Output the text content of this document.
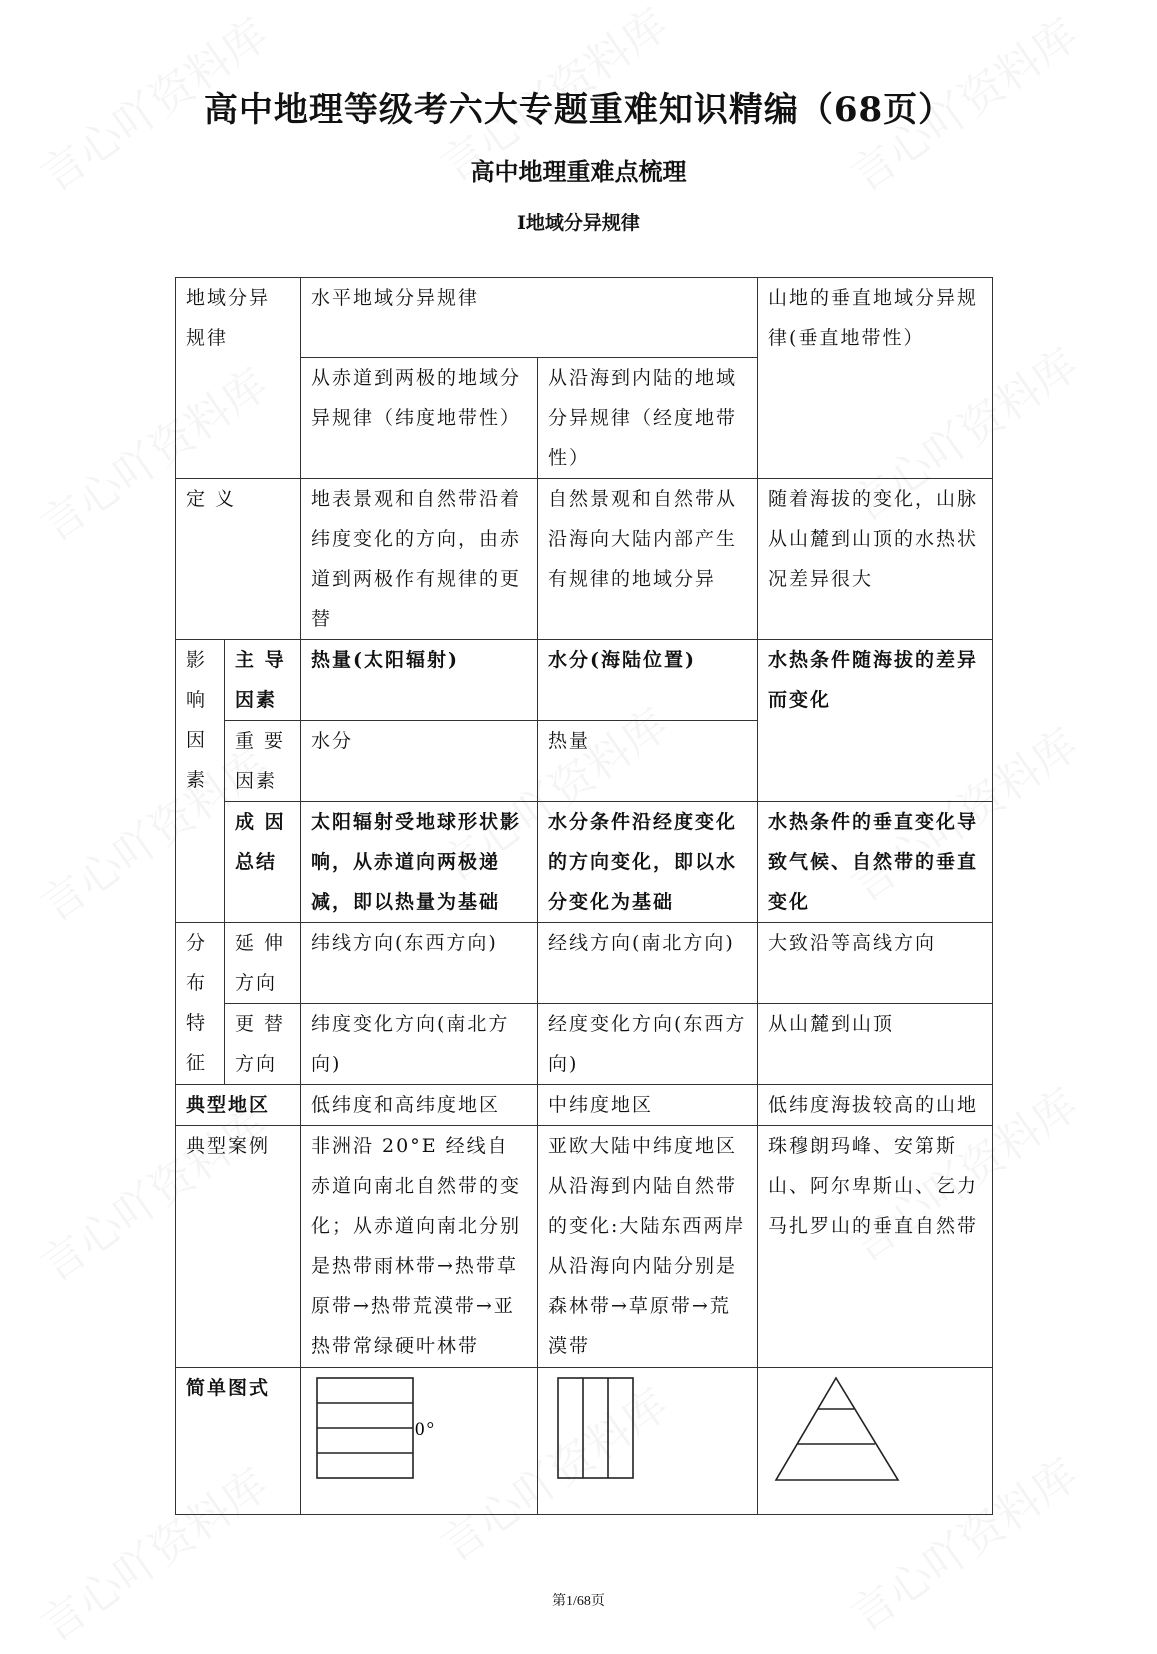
高中地理等级考六大专题重难知识精编（68页）
高中地理重难点梳理
Ⅰ地域分异规律
地域分异规律		水平地域分异规律		山地的垂直地域分异规律(垂直地带性）
		从赤道到两极的地域分异规律（纬度地带性）	从沿海到内陆的地域分异规律（经度地带性）	
定 义		地表景观和自然带沿着纬度变化的方向，由赤道到两极作有规律的更替	自然景观和自然带从沿海向大陆内部产生有规律的地域分异	随着海拔的变化，山脉从山麓到山顶的水热状况差异很大
影响因素	主 导因素	热量(太阳辐射)	水分(海陆位置)	水热条件随海拔的差异而变化
	重 要因素	水分	热量	
	成 因总结	太阳辐射受地球形状影响，从赤道向两极递减，即以热量为基础	水分条件沿经度变化的方向变化，即以水分变化为基础	水热条件的垂直变化导致气候、自然带的垂直变化
分布特征	延 伸方向	纬线方向(东西方向)	经线方向(南北方向)	大致沿等高线方向
	更 替方向	纬度变化方向(南北方向)	经度变化方向(东西方向)	从山麓到山顶
典型地区		低纬度和高纬度地区	中纬度地区	低纬度海拔较高的山地
典型案例		非洲沿 20°E 经线自赤道向南北自然带的变化；从赤道向南北分别是热带雨林带→热带草原带→热带荒漠带→亚热带常绿硬叶林带	亚欧大陆中纬度地区从沿海到内陆自然带的变化:大陆东西两岸从沿海向内陆分别是森林带→草原带→荒漠带	珠穆朗玛峰、安第斯山、阿尔卑斯山、乞力马扎罗山的垂直自然带
简单图式		0°

第1/68页
